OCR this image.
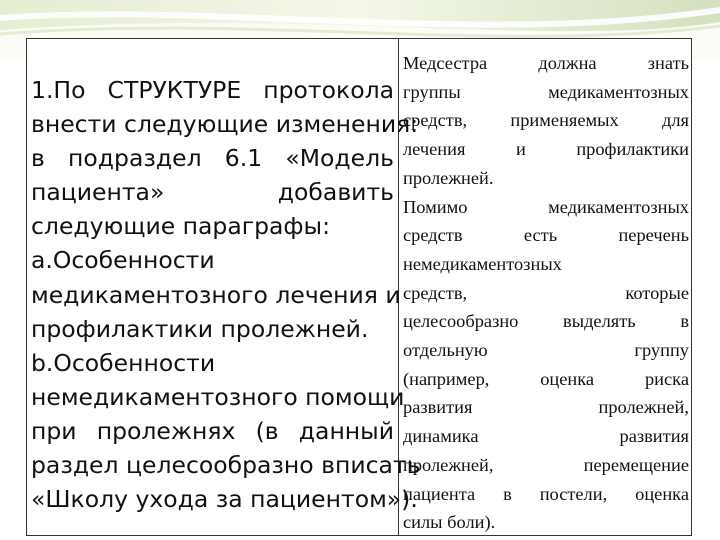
1.По СТРУКТУРЕ протокола
внести следующие изменения:
в подраздел 6.1 «Модель
пациента» добавить
следующие параграфы:
a.Особенности
медикаментозного лечения и
профилактики пролежней.
b.Особенности
немедикаментозного помощи
при пролежнях (в данный
раздел целесообразно вписать
«Школу ухода за пациентом»).
Медсестра должна знать
группы медикаментозных
средств, применяемых для
лечения и профилактики
пролежней.
Помимо медикаментозных
средств есть перечень
немедикаментозных
средств, которые
целесообразно выделять в
отдельную группу
(например, оценка риска
развития пролежней,
динамика развития
пролежней, перемещение
пациента в постели, оценка
силы боли).
